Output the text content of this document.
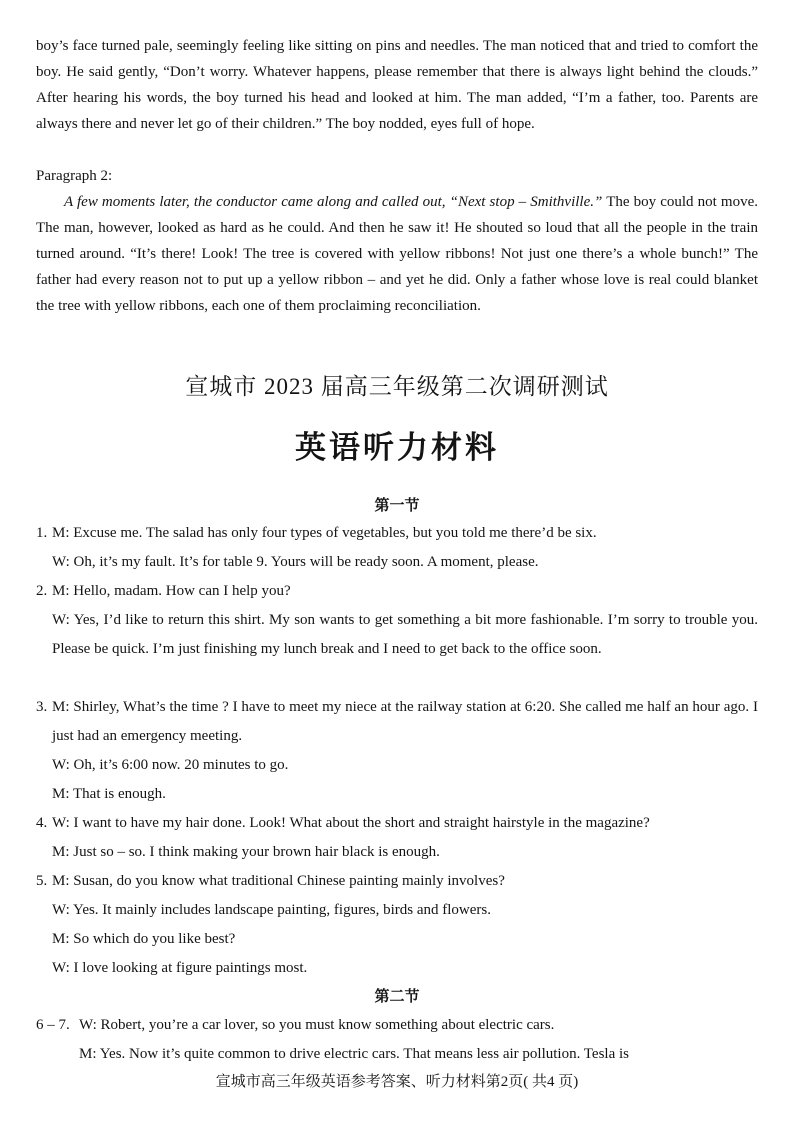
boy’s face turned pale, seemingly feeling like sitting on pins and needles. The man noticed that and tried to comfort the boy. He said gently, “Don’t worry. Whatever happens, please remember that there is always light behind the clouds.” After hearing his words, the boy turned his head and looked at him. The man added, “I’m a father, too. Parents are always there and never let go of their children.” The boy nodded, eyes full of hope.
Paragraph 2:
A few moments later, the conductor came along and called out, “Next stop – Smithville.” The boy could not move. The man, however, looked as hard as he could. And then he saw it! He shouted so loud that all the people in the train turned around. “It’s there! Look! The tree is covered with yellow ribbons! Not just one there’s a whole bunch!” The father had every reason not to put up a yellow ribbon – and yet he did. Only a father whose love is real could blanket the tree with yellow ribbons, each one of them proclaiming reconciliation.
宣城市 2023 届高三年级第二次调研测试
英语听力材料
第一节
1. M: Excuse me. The salad has only four types of vegetables, but you told me there’d be six.
W: Oh, it’s my fault. It’s for table 9. Yours will be ready soon. A moment, please.
2. M: Hello, madam. How can I help you?
W: Yes, I’d like to return this shirt. My son wants to get something a bit more fashionable. I’m sorry to trouble you. Please be quick. I’m just finishing my lunch break and I need to get back to the office soon.
3. M: Shirley, What’s the time ? I have to meet my niece at the railway station at 6:20. She called me half an hour ago. I just had an emergency meeting.
W: Oh, it’s 6:00 now. 20 minutes to go.
M: That is enough.
4. W: I want to have my hair done. Look! What about the short and straight hairstyle in the magazine?
M: Just so – so. I think making your brown hair black is enough.
5. M: Susan, do you know what traditional Chinese painting mainly involves?
W: Yes. It mainly includes landscape painting, figures, birds and flowers.
M: So which do you like best?
W: I love looking at figure paintings most.
第二节
6 – 7. W: Robert, you’re a car lover, so you must know something about electric cars.
M: Yes. Now it’s quite common to drive electric cars. That means less air pollution. Tesla is
宣城市高三年级英语参考答案、听力材料第2页( 共4 页)
